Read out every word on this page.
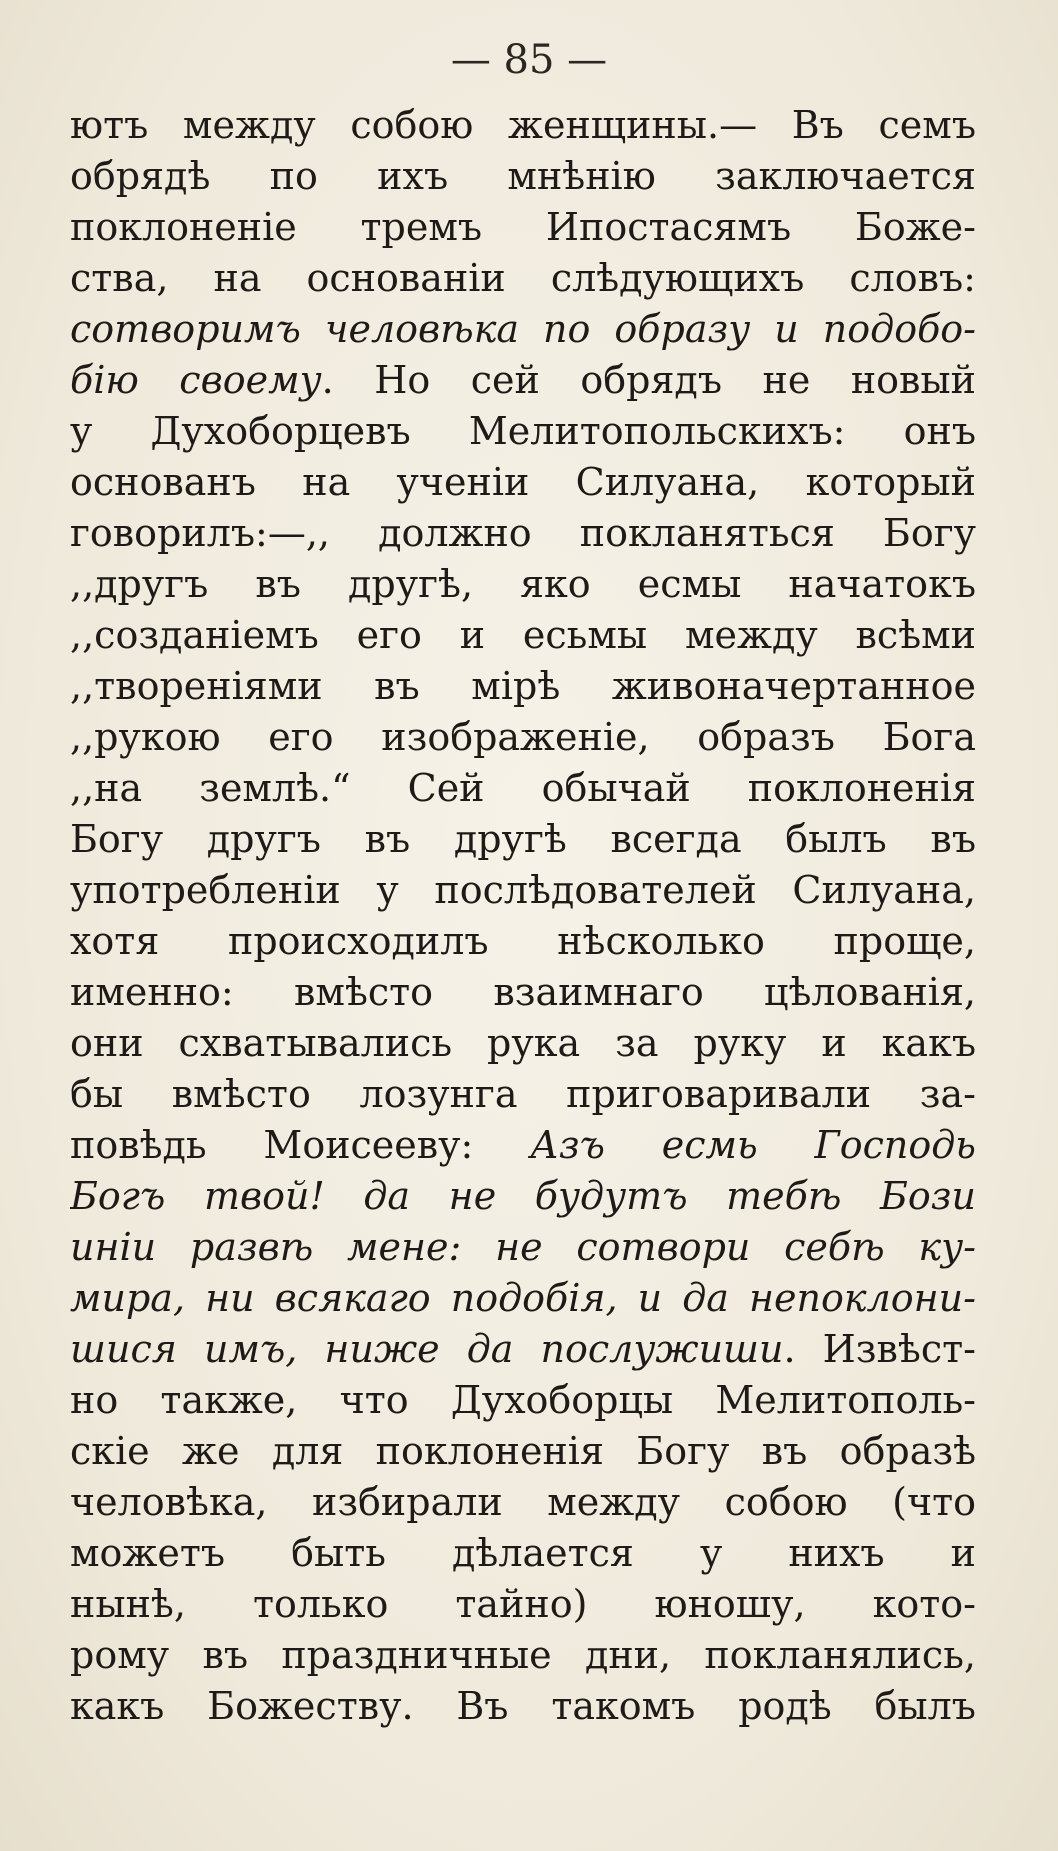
— 85 —
ютъ между собою женщины.— Въ семъ
обрядѣ по ихъ мнѣнію заключается
поклоненіе тремъ Ипостасямъ Боже-
ства, на основаніи слѣдующихъ словъ:
сотворимъ человѣка по образу и подобо-
бію своему. Но сей обрядъ не новый
у Духоборцевъ Мелитопольскихъ: онъ
основанъ на ученіи Силуана, который
говорилъ:—,, должно покланяться Богу
,,другъ въ другѣ, яко есмы начатокъ
,,созданіемъ его и есьмы между всѣми
,,твореніями въ мірѣ живоначертанное
,,рукою его изображеніе, образъ Бога
,,на землѣ.“ Сей обычай поклоненія
Богу другъ въ другѣ всегда былъ въ
употребленіи у послѣдователей Силуана,
хотя происходилъ нѣсколько проще,
именно: вмѣсто взаимнаго цѣлованія,
они схватывались рука за руку и какъ
бы вмѣсто лозунга приговаривали за-
повѣдь Моисееву: Азъ есмь Господь
Богъ твой! да не будутъ тебѣ Бози
иніи развѣ мене: не сотвори себѣ ку-
мира, ни всякаго подобія, и да непоклони-
шися имъ, ниже да послужиши. Извѣст-
но также, что Духоборцы Мелитополь-
скіе же для поклоненія Богу въ образѣ
человѣка, избирали между собою (что
можетъ быть дѣлается у нихъ и
нынѣ, только тайно) юношу, кото-
рому въ праздничные дни, покланялись,
какъ Божеству. Въ такомъ родѣ былъ
